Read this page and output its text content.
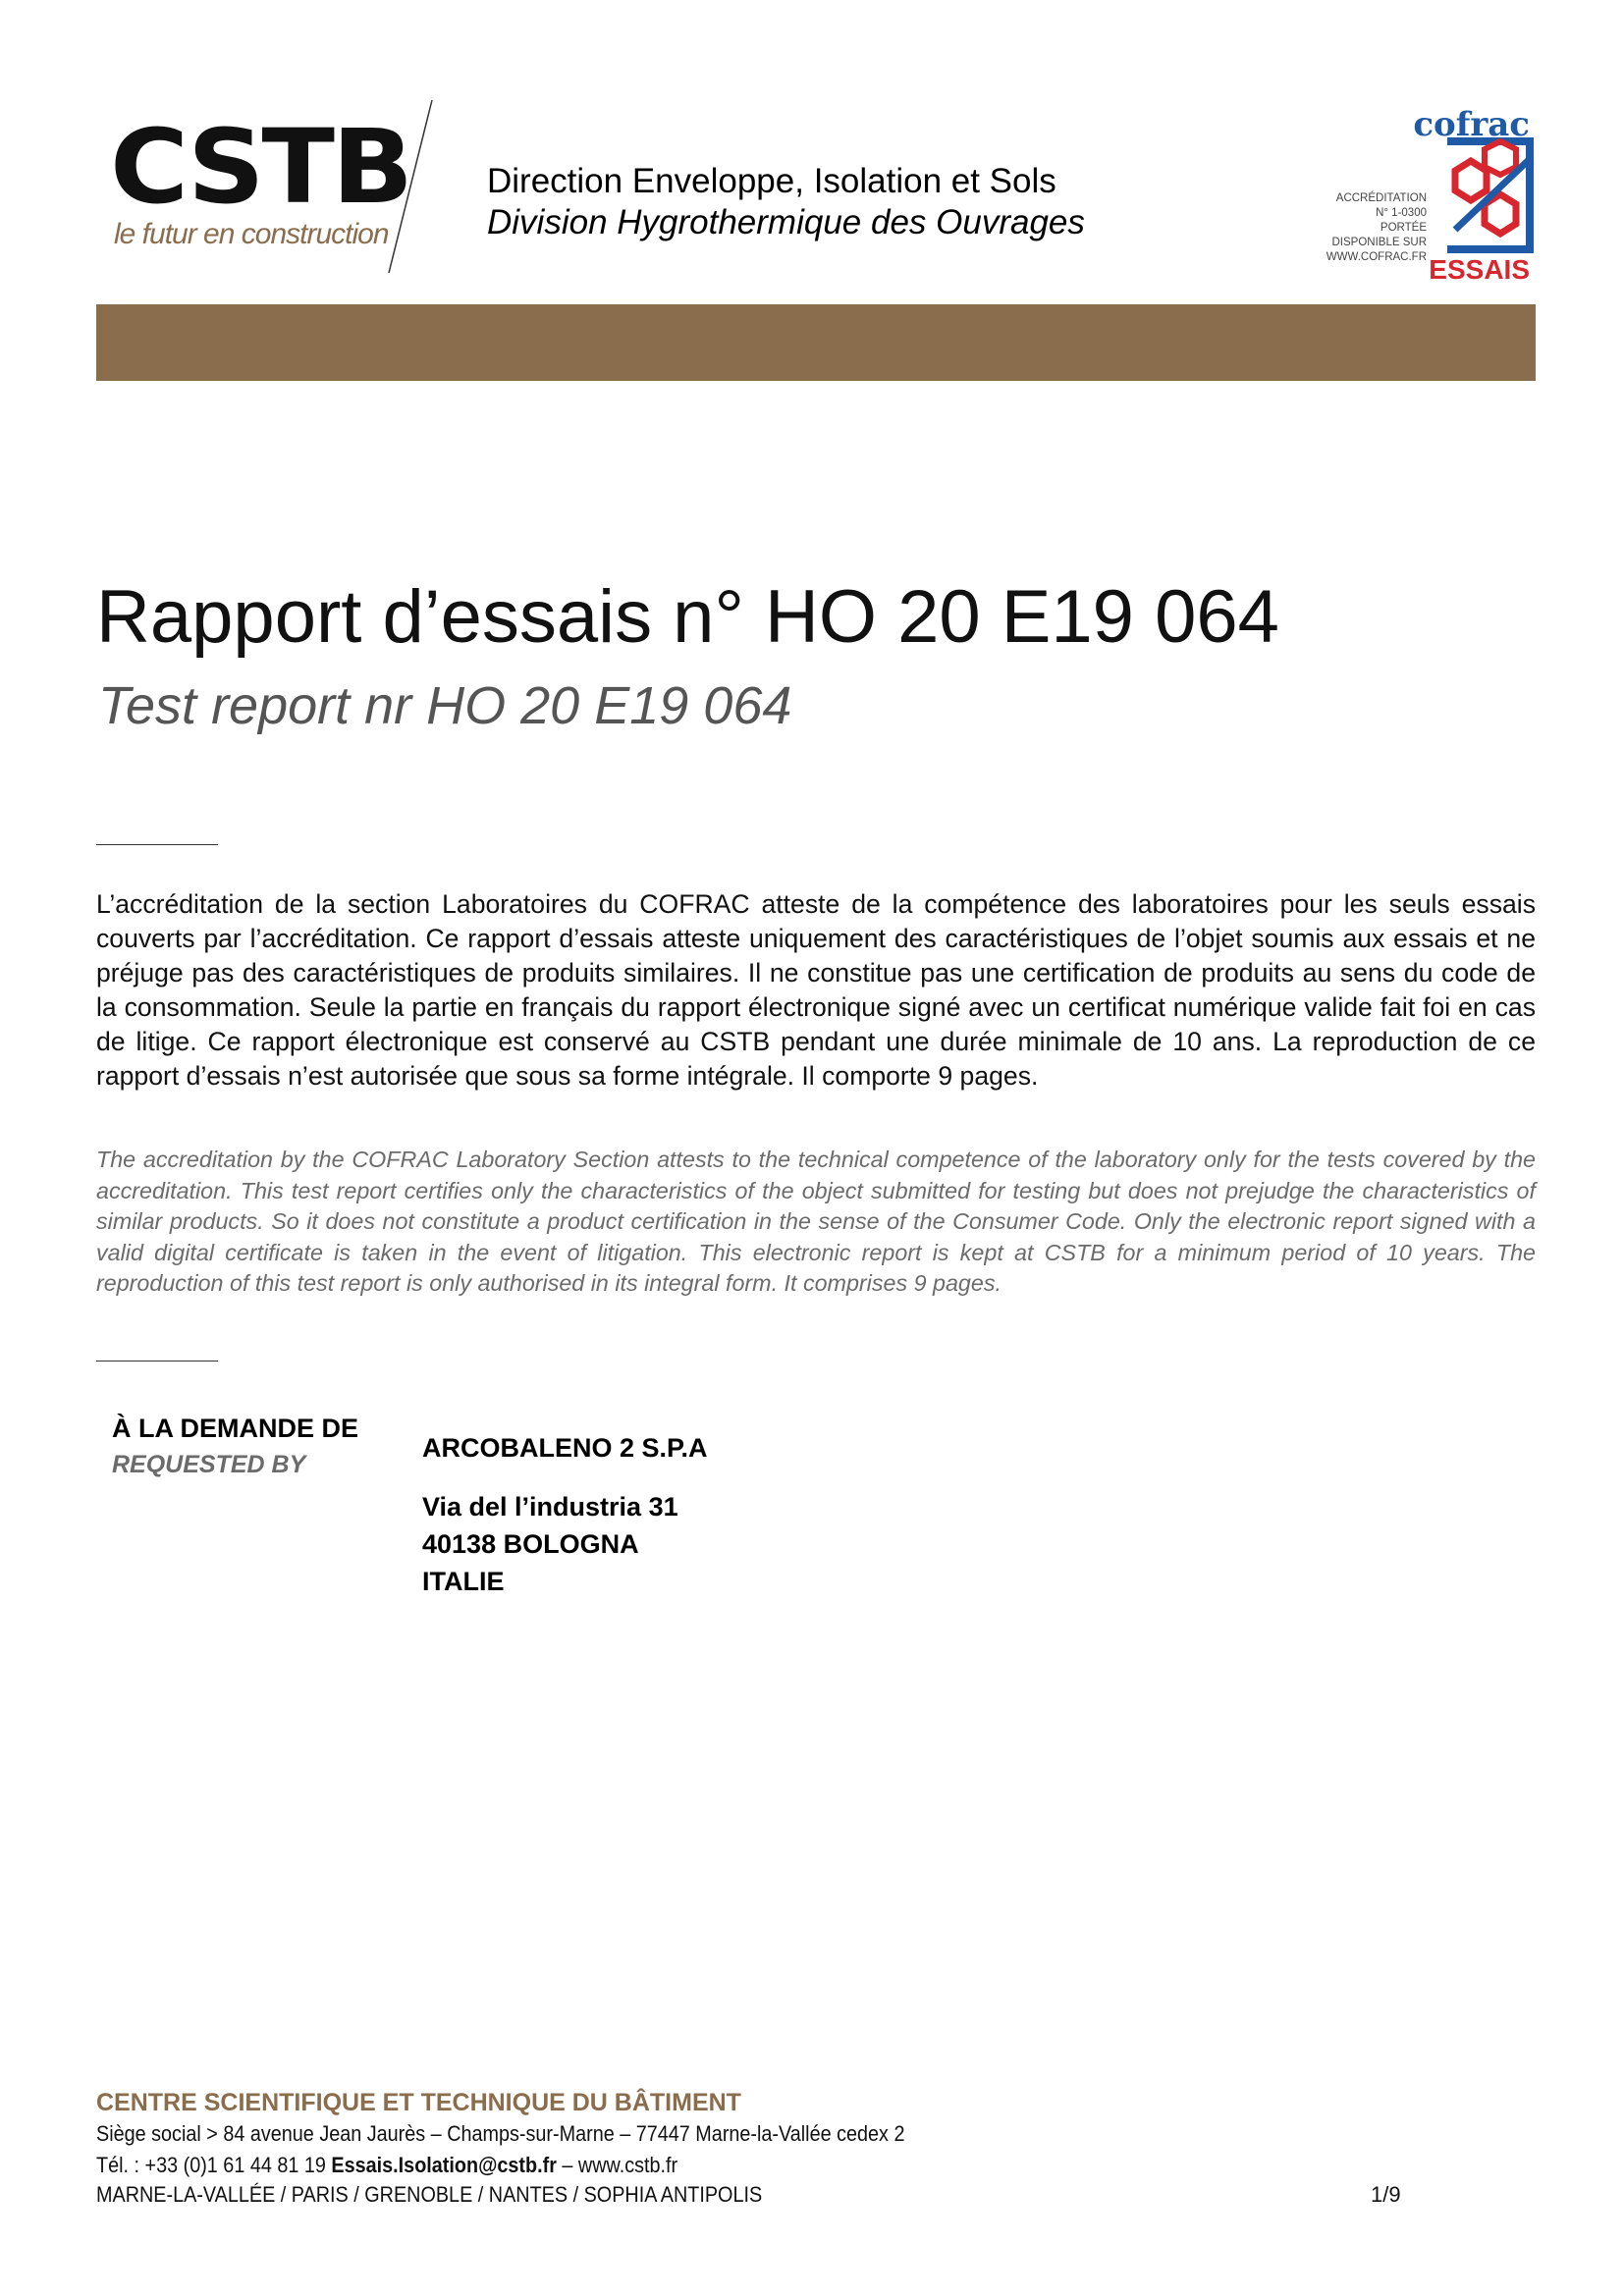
CSTB
le futur en construction
Direction Enveloppe, Isolation et Sols
Division Hygrothermique des Ouvrages
cofrac
ACCRÉDITATION
N° 1-0300
PORTÉE
DISPONIBLE SUR
WWW.COFRAC.FR ESSAIS
Rapport d’essais n° HO 20 E19 064
Test report nr HO 20 E19 064

L’accréditation de la section Laboratoires du COFRAC atteste de la compétence des laboratoires pour les seuls essais couverts par l’accréditation. Ce rapport d’essais atteste uniquement des caractéristiques de l’objet soumis aux essais et ne préjuge pas des caractéristiques de produits similaires. Il ne constitue pas une certification de produits au sens du code de la consommation. Seule la partie en français du rapport électronique signé avec un certificat numérique valide fait foi en cas de litige. Ce rapport électronique est conservé au CSTB pendant une durée minimale de 10 ans. La reproduction de ce rapport d’essais n’est autorisée que sous sa forme intégrale. Il comporte 9 pages.

The accreditation by the COFRAC Laboratory Section attests to the technical competence of the laboratory only for the tests covered by the accreditation. This test report certifies only the characteristics of the object submitted for testing but does not prejudge the characteristics of similar products. So it does not constitute a product certification in the sense of the Consumer Code. Only the electronic report signed with a valid digital certificate is taken in the event of litigation. This electronic report is kept at CSTB for a minimum period of 10 years. The reproduction of this test report is only authorised in its integral form. It comprises 9 pages.

À LA DEMANDE DE
REQUESTED BY
ARCOBALENO 2 S.P.A
Via del l’industria 31
40138 BOLOGNA
ITALIE
CENTRE SCIENTIFIQUE ET TECHNIQUE DU BÂTIMENT
Siège social > 84 avenue Jean Jaurès – Champs-sur-Marne – 77447 Marne-la-Vallée cedex 2
Tél. : +33 (0)1 61 44 81 19 Essais.Isolation@cstb.fr – www.cstb.fr
MARNE-LA-VALLÉE / PARIS / GRENOBLE / NANTES / SOPHIA ANTIPOLIS	1/9
